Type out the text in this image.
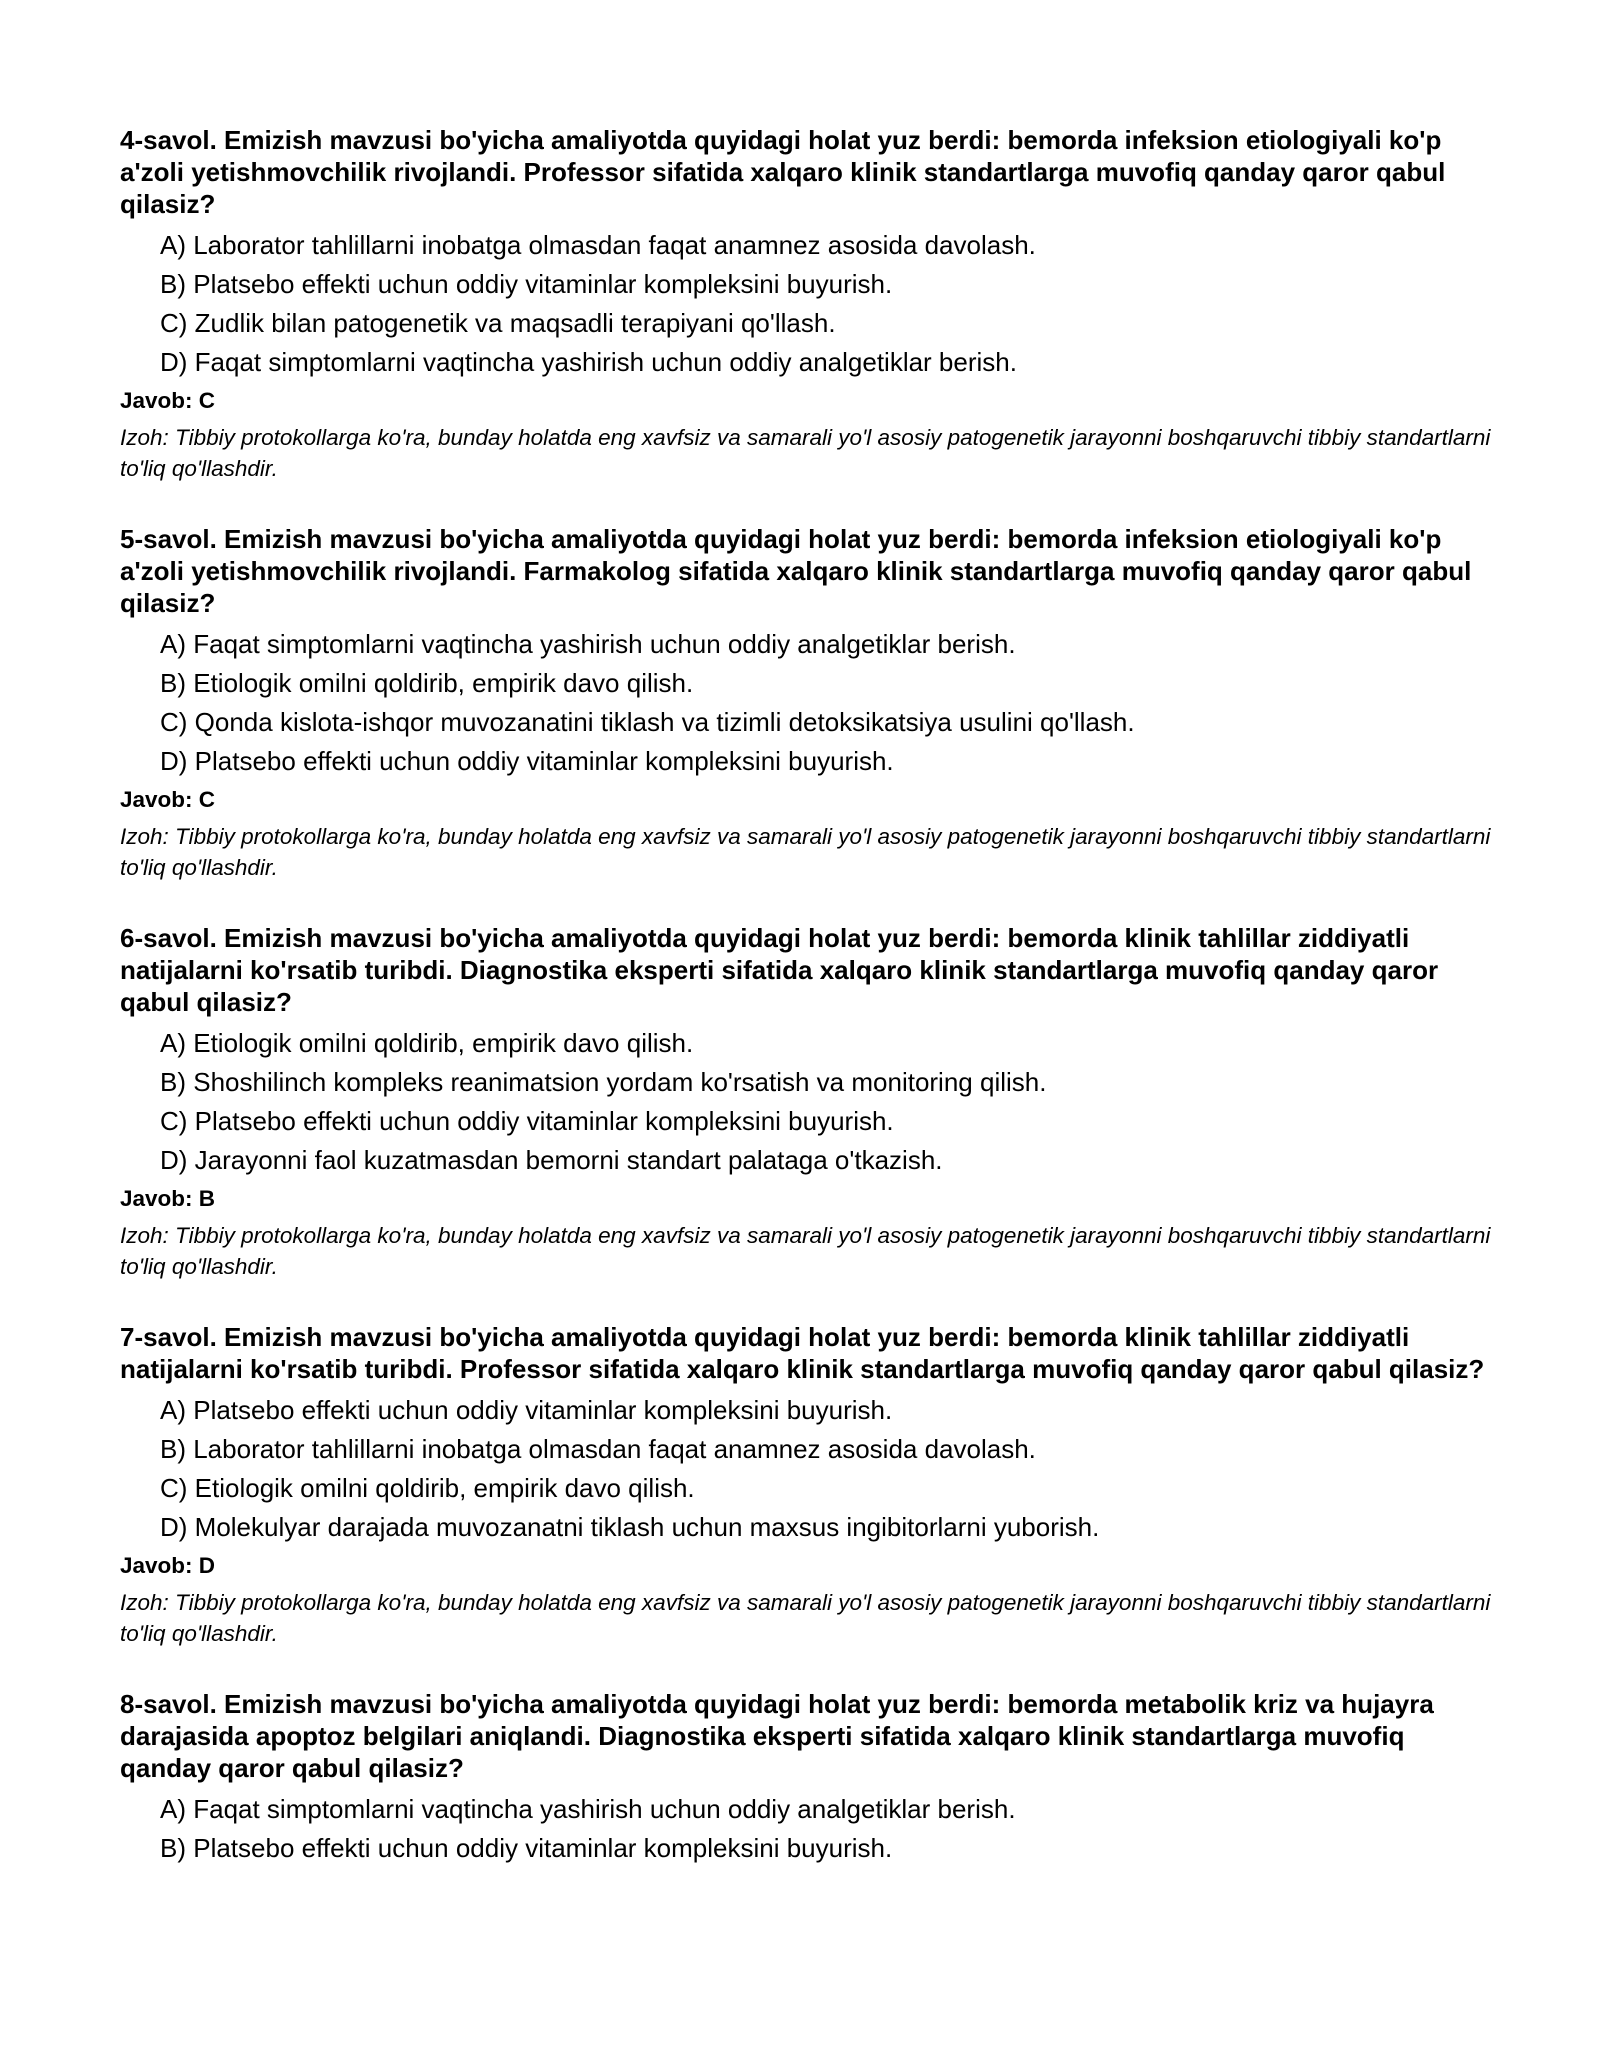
4-savol. Emizish mavzusi bo'yicha amaliyotda quyidagi holat yuz berdi: bemorda infeksion etiologiyali ko'p a'zoli yetishmovchilik rivojlandi. Professor sifatida xalqaro klinik standartlarga muvofiq qanday qaror qabul qilasiz?
A) Laborator tahlillarni inobatga olmasdan faqat anamnez asosida davolash.
B) Platsebo effekti uchun oddiy vitaminlar kompleksini buyurish.
C) Zudlik bilan patogenetik va maqsadli terapiyani qo'llash.
D) Faqat simptomlarni vaqtincha yashirish uchun oddiy analgetiklar berish.
Javob: C
Izoh: Tibbiy protokollarga ko'ra, bunday holatda eng xavfsiz va samarali yo'l asosiy patogenetik jarayonni boshqaruvchi tibbiy standartlarni to'liq qo'llashdir.
5-savol. Emizish mavzusi bo'yicha amaliyotda quyidagi holat yuz berdi: bemorda infeksion etiologiyali ko'p a'zoli yetishmovchilik rivojlandi. Farmakolog sifatida xalqaro klinik standartlarga muvofiq qanday qaror qabul qilasiz?
A) Faqat simptomlarni vaqtincha yashirish uchun oddiy analgetiklar berish.
B) Etiologik omilni qoldirib, empirik davo qilish.
C) Qonda kislota-ishqor muvozanatini tiklash va tizimli detoksikatsiya usulini qo'llash.
D) Platsebo effekti uchun oddiy vitaminlar kompleksini buyurish.
Javob: C
Izoh: Tibbiy protokollarga ko'ra, bunday holatda eng xavfsiz va samarali yo'l asosiy patogenetik jarayonni boshqaruvchi tibbiy standartlarni to'liq qo'llashdir.
6-savol. Emizish mavzusi bo'yicha amaliyotda quyidagi holat yuz berdi: bemorda klinik tahlillar ziddiyatli natijalarni ko'rsatib turibdi. Diagnostika eksperti sifatida xalqaro klinik standartlarga muvofiq qanday qaror qabul qilasiz?
A) Etiologik omilni qoldirib, empirik davo qilish.
B) Shoshilinch kompleks reanimatsion yordam ko'rsatish va monitoring qilish.
C) Platsebo effekti uchun oddiy vitaminlar kompleksini buyurish.
D) Jarayonni faol kuzatmasdan bemorni standart palataga o'tkazish.
Javob: B
Izoh: Tibbiy protokollarga ko'ra, bunday holatda eng xavfsiz va samarali yo'l asosiy patogenetik jarayonni boshqaruvchi tibbiy standartlarni to'liq qo'llashdir.
7-savol. Emizish mavzusi bo'yicha amaliyotda quyidagi holat yuz berdi: bemorda klinik tahlillar ziddiyatli natijalarni ko'rsatib turibdi. Professor sifatida xalqaro klinik standartlarga muvofiq qanday qaror qabul qilasiz?
A) Platsebo effekti uchun oddiy vitaminlar kompleksini buyurish.
B) Laborator tahlillarni inobatga olmasdan faqat anamnez asosida davolash.
C) Etiologik omilni qoldirib, empirik davo qilish.
D) Molekulyar darajada muvozanatni tiklash uchun maxsus ingibitorlarni yuborish.
Javob: D
Izoh: Tibbiy protokollarga ko'ra, bunday holatda eng xavfsiz va samarali yo'l asosiy patogenetik jarayonni boshqaruvchi tibbiy standartlarni to'liq qo'llashdir.
8-savol. Emizish mavzusi bo'yicha amaliyotda quyidagi holat yuz berdi: bemorda metabolik kriz va hujayra darajasida apoptoz belgilari aniqlandi. Diagnostika eksperti sifatida xalqaro klinik standartlarga muvofiq qanday qaror qabul qilasiz?
A) Faqat simptomlarni vaqtincha yashirish uchun oddiy analgetiklar berish.
B) Platsebo effekti uchun oddiy vitaminlar kompleksini buyurish.
